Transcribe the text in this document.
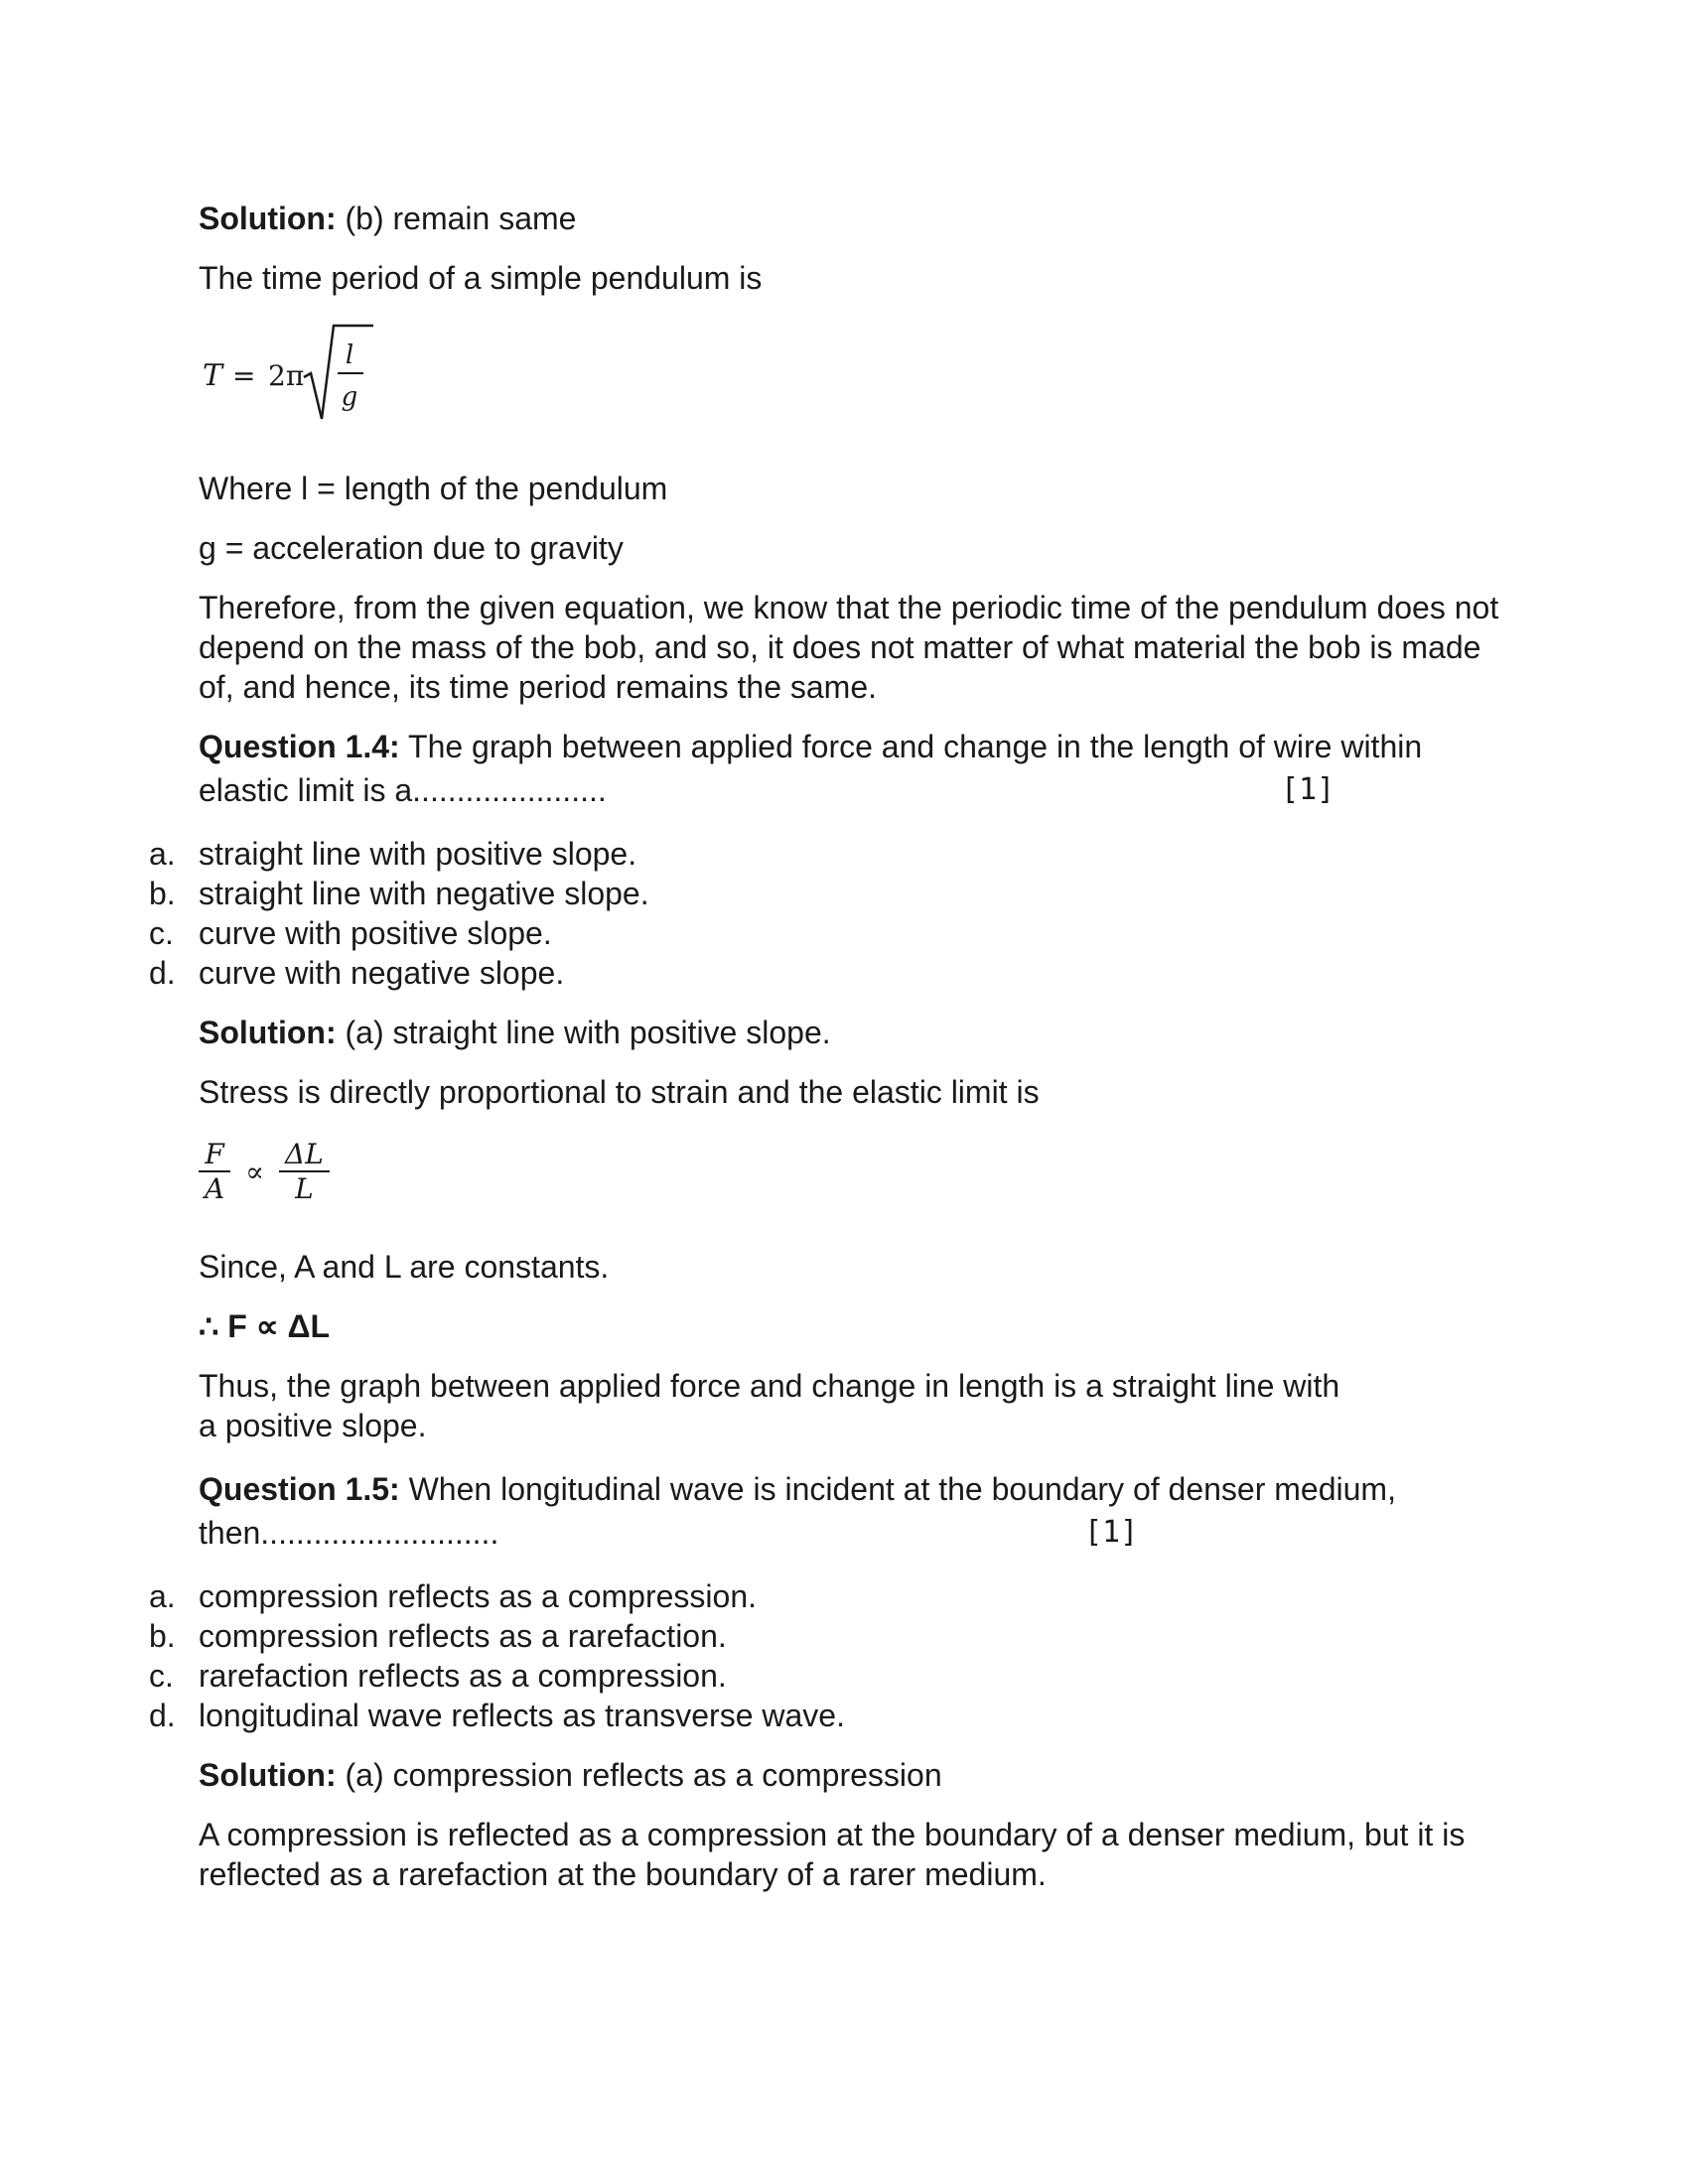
Solution: (b) remain same

The time period of a simple pendulum is

T = 2π
l
g

Where l = length of the pendulum

g = acceleration due to gravity

Therefore, from the given equation, we know that the periodic time of the pendulum does not depend on the mass of the bob, and so, it does not matter of what material the bob is made of, and hence, its time period remains the same.

Question 1.4: The graph between applied force and change in the length of wire within

elastic limit is a......................	[1]
a. straight line with positive slope.
b. straight line with negative slope.
c. curve with positive slope.
d. curve with negative slope.

Solution: (a) straight line with positive slope.

Stress is directly proportional to strain and the elastic limit is

$\frac{F}{A} \propto \frac{\Delta L}{L}$

Since, A and L are constants.

∴ F ∝ ΔL

Thus, the graph between applied force and change in length is a straight line with

a positive slope.

Question 1.5: When longitudinal wave is incident at the boundary of denser medium,

then...........................	[1]
a. compression reflects as a compression.
b. compression reflects as a rarefaction.
c. rarefaction reflects as a compression.
d. longitudinal wave reflects as transverse wave.

Solution: (a) compression reflects as a compression

A compression is reflected as a compression at the boundary of a denser medium, but it is reflected as a rarefaction at the boundary of a rarer medium.
